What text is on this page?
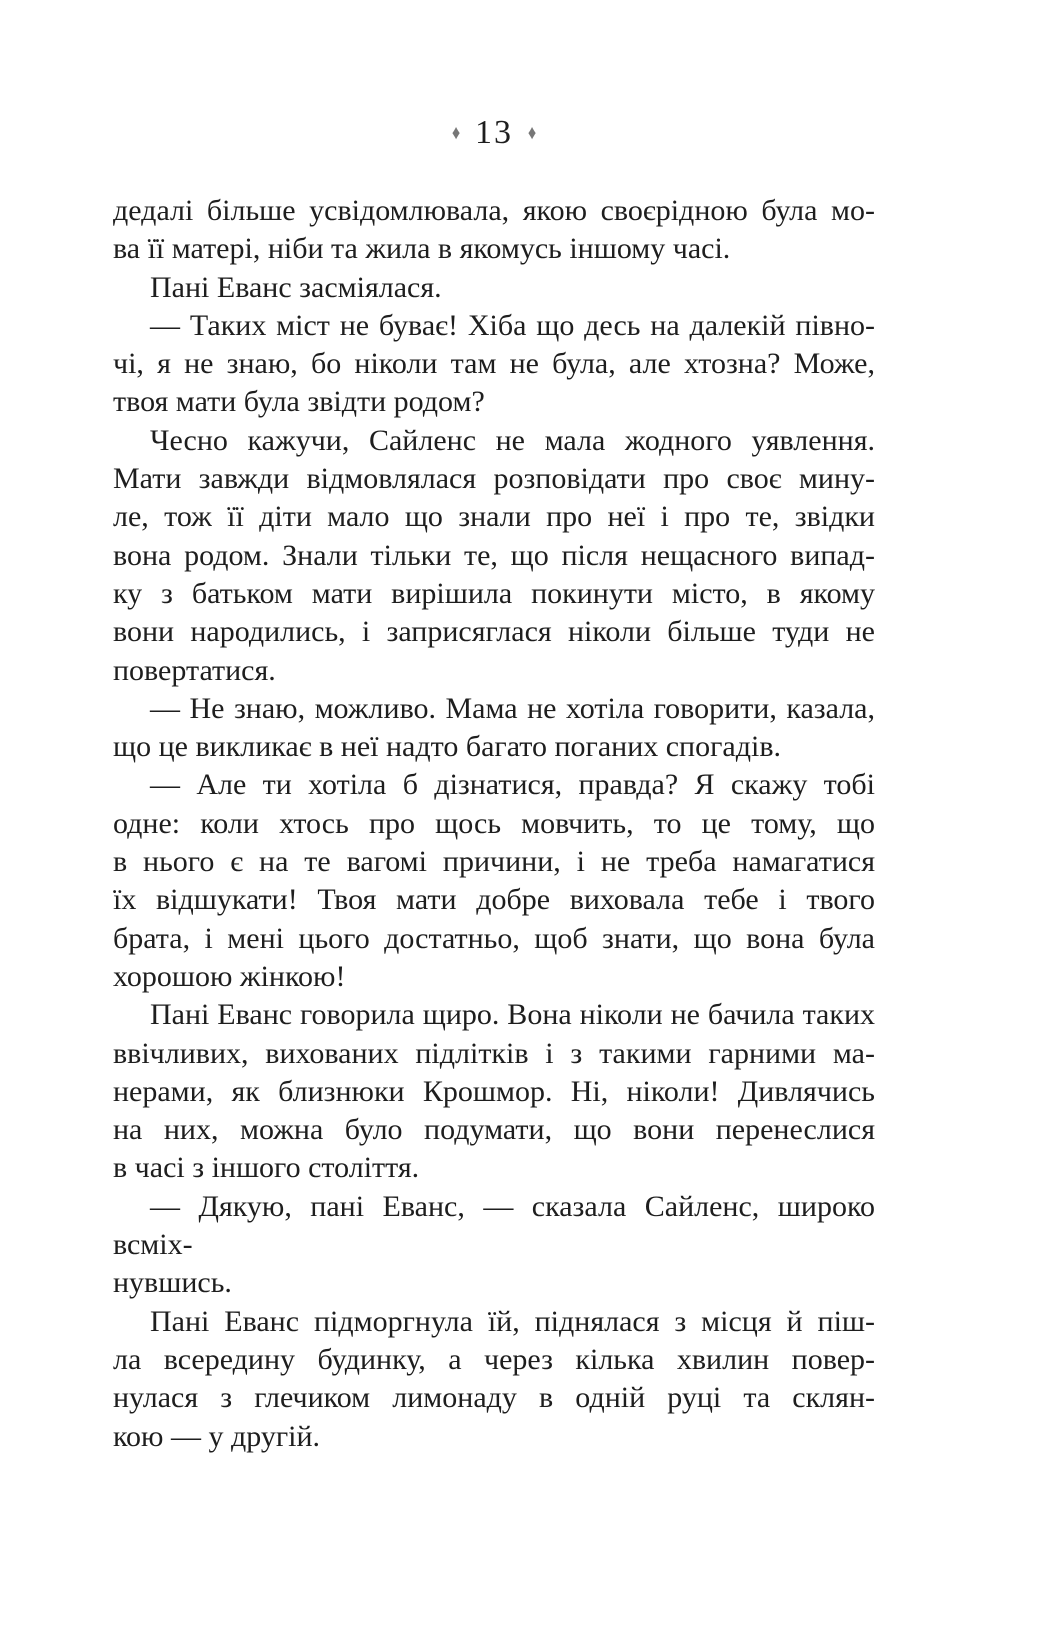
♦ 13 ♦
дедалі більше усвідомлювала, якою своєрідною була мо-
ва її матері, ніби та жила в якомусь іншому часі.
Пані Еванс засміялася.
— Таких міст не буває! Хіба що десь на далекій півно-
чі, я не знаю, бо ніколи там не була, але хтозна? Може,
твоя мати була звідти родом?
Чесно кажучи, Сайленс не мала жодного уявлення.
Мати завжди відмовлялася розповідати про своє мину-
ле, тож її діти мало що знали про неї і про те, звідки
вона родом. Знали тільки те, що після нещасного випад-
ку з батьком мати вирішила покинути місто, в якому
вони народились, і заприсяглася ніколи більше туди не
повертатися.
— Не знаю, можливо. Мама не хотіла говорити, казала,
що це викликає в неї надто багато поганих спогадів.
— Але ти хотіла б дізнатися, правда? Я скажу тобі
одне: коли хтось про щось мовчить, то це тому, що
в нього є на те вагомі причини, і не треба намагатися
їх відшукати! Твоя мати добре виховала тебе і твого
брата, і мені цього достатньо, щоб знати, що вона була
хорошою жінкою!
Пані Еванс говорила щиро. Вона ніколи не бачила таких
ввічливих, вихованих підлітків і з такими гарними ма-
нерами, як близнюки Крошмор. Ні, ніколи! Дивлячись
на них, можна було подумати, що вони перенеслися
в часі з іншого століття.
— Дякую, пані Еванс, — сказала Сайленс, широко всміх-
нувшись.
Пані Еванс підморгнула їй, піднялася з місця й піш-
ла всередину будинку, а через кілька хвилин повер-
нулася з глечиком лимонаду в одній руці та склян-
кою — у другій.
